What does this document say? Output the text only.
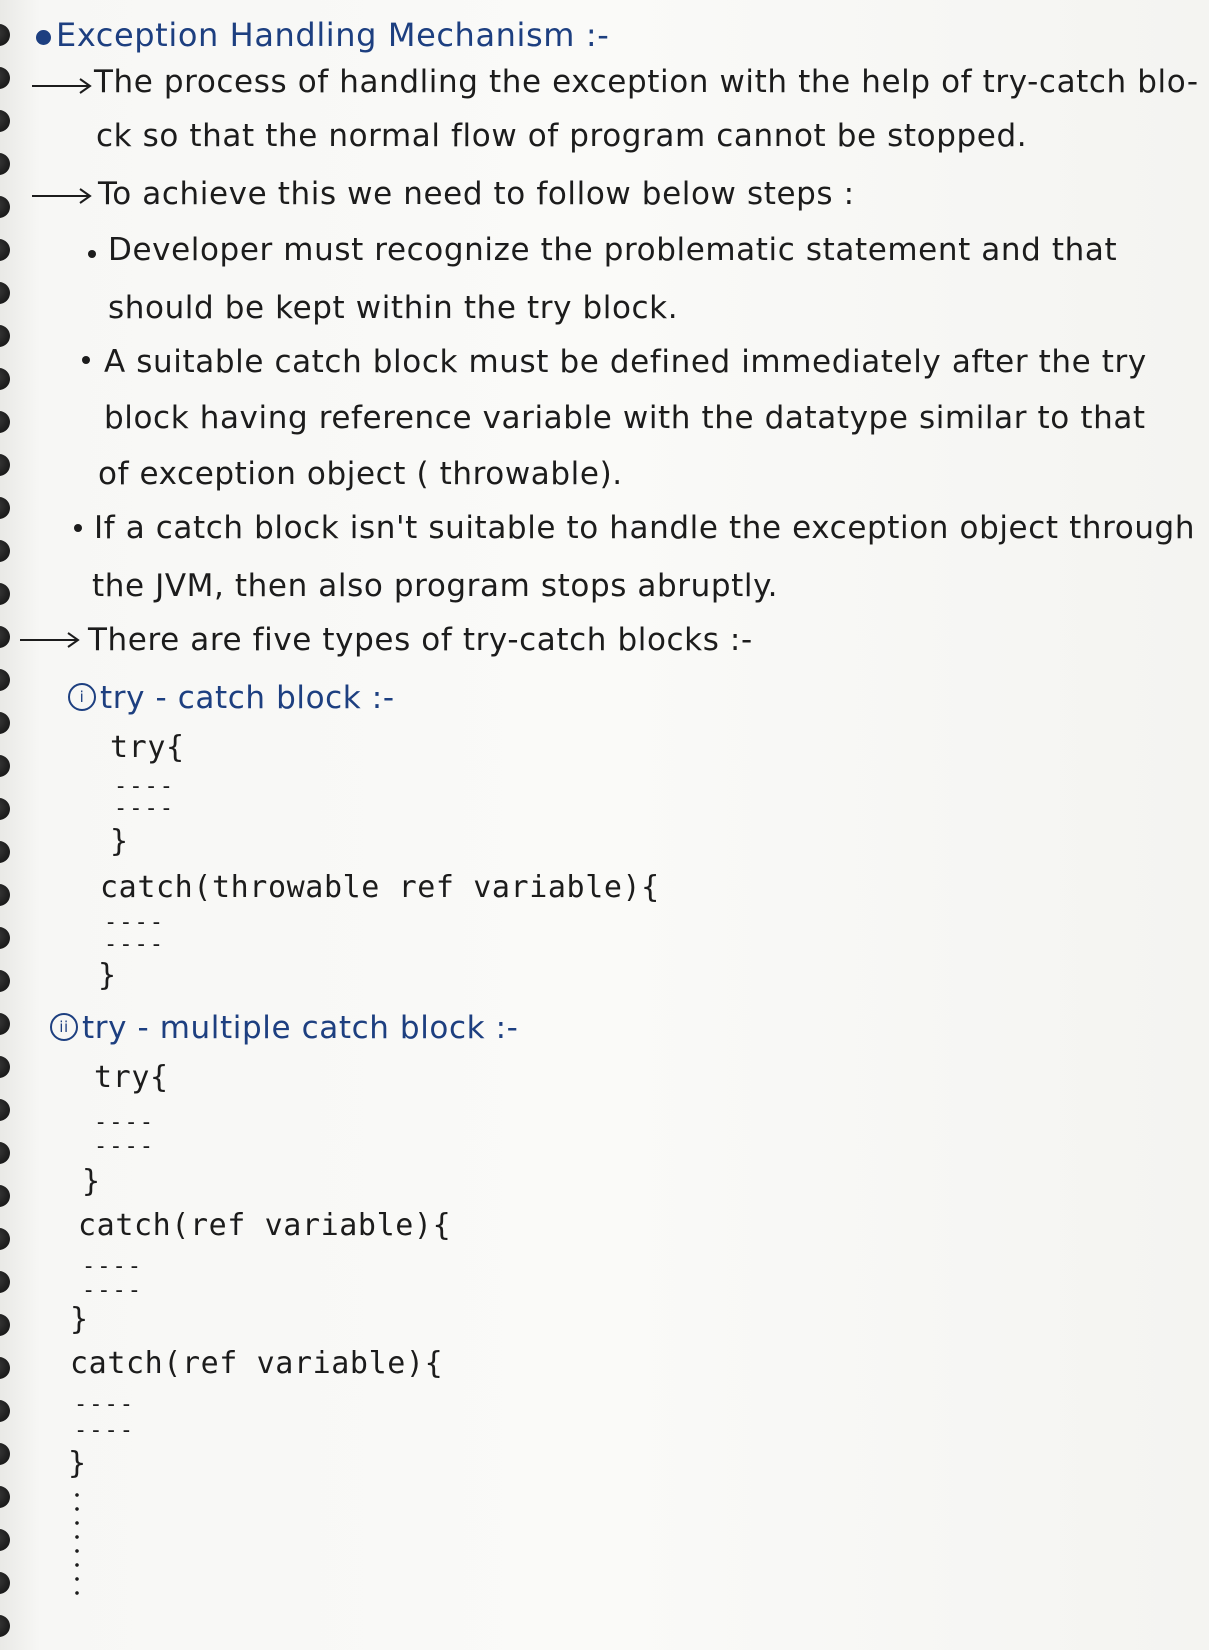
Exception Handling Mechanism :-
The process of handling the exception with the help of try-catch blo-
ck so that the normal flow of program cannot be stopped.
To achieve this we need to follow below steps :
Developer must recognize the problematic statement and that
should be kept within the try block.
A suitable catch block must be defined immediately after the try
block having reference variable with the datatype similar to that
of exception object ( throwable).
If a catch block isn't suitable to handle the exception object through
the JVM, then also program stops abruptly.
There are five types of try-catch blocks :-
i try - catch block :-
try{
----
----
}
catch(throwable ref variable){
----
----
}
ii try - multiple catch block :-
try{
----
----
}
catch(ref variable){
----
----
}
catch(ref variable){
----
----
}
